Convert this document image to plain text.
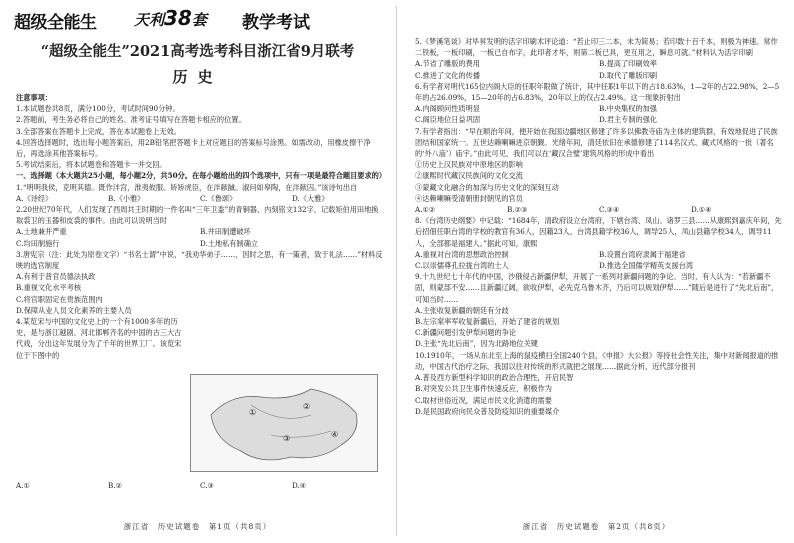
超级全能生	天利38套 教学考试
“超级全能生”2021高考选考科目浙江省9月联考
历史

注意事项：

1.本试题卷共8页，满分100分，考试时间90分钟。

2.答题前，考生务必将自己的姓名、准考证号填写在答题卡相应的位置。

3.全部答案在答题卡上完成，答在本试题卷上无效。

4.回答选择题时，选出每小题答案后，用2B铅笔把答题卡上对应题目的答案标号涂黑。如需改动，用橡皮擦干净后，再选涂其他答案标号。

5.考试结束后，将本试题卷和答题卡一并交回。

一、选择题（本大题共25小题，每小题2分，共50分。在每小题给出的四个选项中，只有一项是最符合题目要求的）

1.“明明我侯，克明其德。既作泮宫，淮夷攸服。矫矫虎臣，在泮献馘。淑问如皋陶，在泮献囚。”该诗句出自

A.《诗经》	B.《小雅》	C.《鲁颂》	D.《大雅》

2.20世纪70年代，人们发现了西周共王时期的一件名叫“三年卫盉”的青铜器，内刻铭文132字，记载矩伯用田地换取裘卫的玉器和皮裘的事件。由此可以说明当时

A.土地兼并严重	B.井田制遭破坏
C.均田制施行	D.土地私有制确立

3.唐宪宗（注：此处为原卷文字）“书名士谓”中说，“我劝华弟子……，因时之思，有一策者，致于礼法……”材料反映的选官制度

A.有利于普官员德法执政

B.重视文化水平考核

C.将官职固定在贵族范围内

D.保障从业人员文化素养的主要人员

4.某览宋与中国的文化史上的一个有1000多年的历史，是与浙江越剧、河北邯郸齐名的中国的古三大古代戏，分出这年发展分为了千年的世界工厂。该览宋位于下图中的

①
②
③	④
A.①	B.②	C.③	D.④
浙江省　历史试题卷　第1页（共8页）

5.《梦溪笔谈》对毕昇发明的活字印刷术评论道：“若止印三二本，未为简易；若印数十百千本，则极为神速。常作二铁板，一板印刷，一板已自布字，此印者才毕，则第二板已具，更互用之，瞬息可就。”材料认为活字印刷

A.节省了雕版的费用	B.提高了印刷效率
C.推进了文化的传播	D.取代了雕版印刷

6.有学者对明代165位内阁大臣的任职年限做了统计，其中任职1年以下的占18.63%，1—2年的占22.98%，2—5年的占26.09%，15—20年的占6.83%，20年以上的仅占2.49%。这一现象折射出

A.内阁顾问性质明显	B.中央集权的加强
C.阁臣地位日益巩固	D.君主专制的强化

7.有学者指出：“早在顺治年间，便开始在我国边疆地区修建了许多以佛教寺庙为主体的建筑群，有效地促进了民族团结和国家统一。五世达赖喇嘛进京朝觐。光绪年间，清廷依旧在承德修建了114名汉式、藏式风格的一批（著名的‘外八庙’）庙宇。”由此可见，我们可以在‘藏汉合璧’建筑风格的形成中看出

①历史上汉民族对中原地区的影响

②康熙时代藏汉民族间的文化交流

③蒙藏文化融合的加深与历史文化的深刻互动

④达赖喇嘛受清朝册封朝见的官员

A.①②	B.②③	C.③④	D.①④

8.《台湾历史纲要》中记载：“1684年，清政府设立台湾府，下辖台湾、凤山、诸罗三县……从康熙到嘉庆年间，先后招佃任职台湾的学校的教官有36人，因籍23人，台湾县籍学校36人，调导25人，凤山县籍学校34人，调导11人，全部都是福建人。”据此可知，康熙

A.重视对台湾的思想政治控制	B.设置台湾府隶属于福建省
C.以崇儒尊孔拉拢台湾的士人	D.推选全国儒学精英支援台湾

9.十九世纪七十年代的中国，沙俄侵占新疆伊犁，开展了一系列对新疆问题的争论。当时，有人认为：“若新疆不固，则蒙部不安……且新疆辽阔，欲收伊犁，必先克乌鲁木齐，乃后可以规划伊犁……”随后是进行了“先北后南”，可知当时……

A.主张收复新疆的朝廷有分歧

B.左宗棠率军收复新疆后，开始了建省的规划

C.新疆问题引发伊犁问题的争论

D.主张“先北后南”，因为北路地位关键

10.1910年，一场从东北至上海的鼠疫横扫全国240个县，《申报》大公报》等持社会性关注，集中对新闻报道的推动，中国古代治疗之际，我国以往对传统的形式就把之展现……据此分析，近代部分报刊

A.普及西方新型科学知识的政治合理性，开启民智

B.对突发公共卫生事件快速反应，积极作为

C.取材世俗近况，满足市民文化消遣的需要

D.是民国政府向民众普及防疫知识的重要媒介

浙江省　历史试题卷　第2页（共8页）
